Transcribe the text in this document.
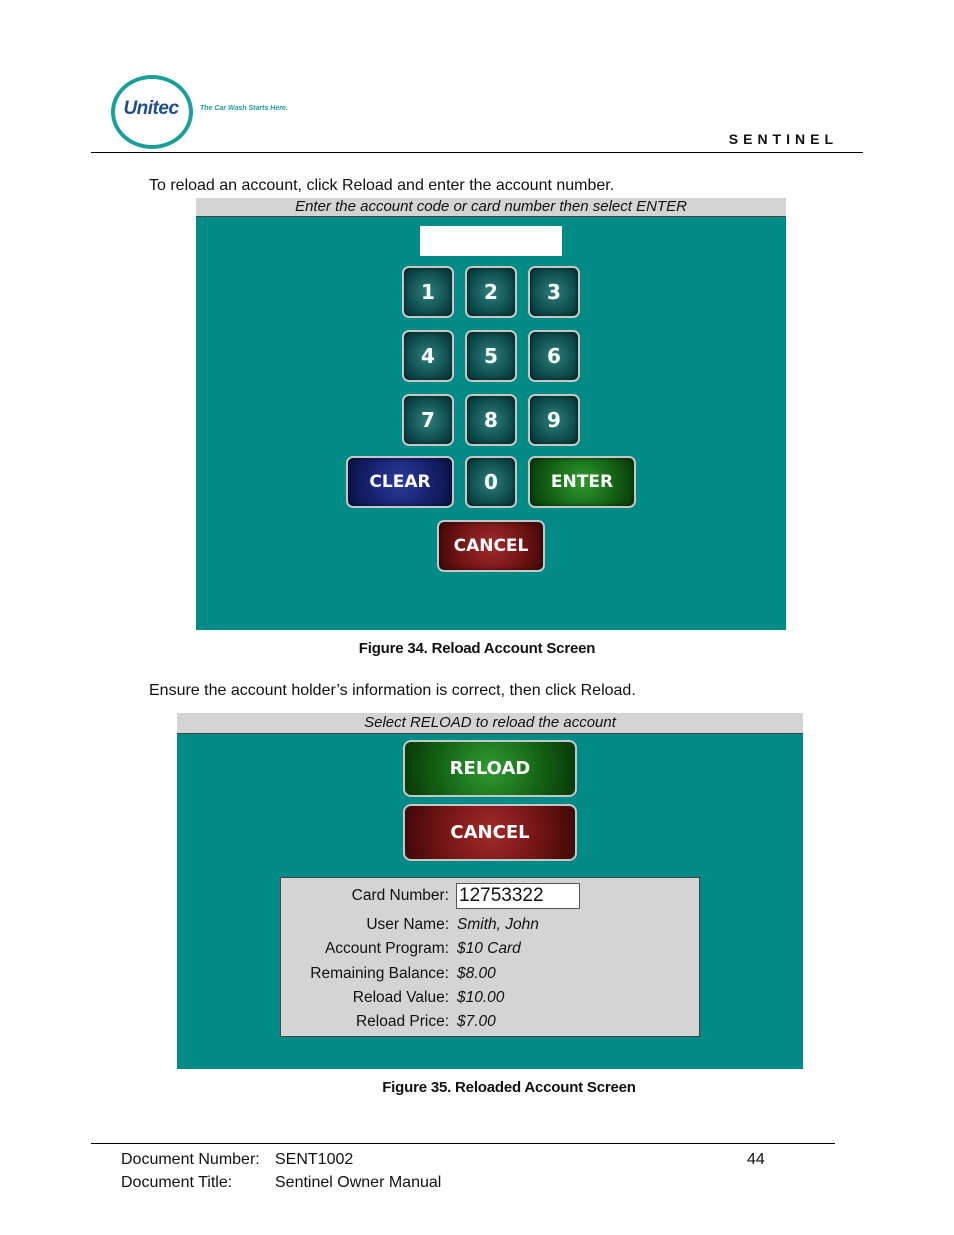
Unitec	The Car Wash Starts Here.
SENTINEL
To reload an account, click Reload and enter the account number.
Enter the account code or card number then select ENTER
1	2	3
4	5	6
7	8	9
CLEAR	0	ENTER
CANCEL
Figure 34. Reload Account Screen
Ensure the account holder’s information is correct, then click Reload.
Select RELOAD to reload the account
RELOAD
CANCEL
Card Number: 12753322
User Name: Smith, John
Account Program: $10 Card
Remaining Balance: $8.00
Reload Value: $10.00
Reload Price: $7.00
Figure 35. Reloaded Account Screen
Document Number: SENT1002	44
Document Title:	Sentinel Owner Manual
